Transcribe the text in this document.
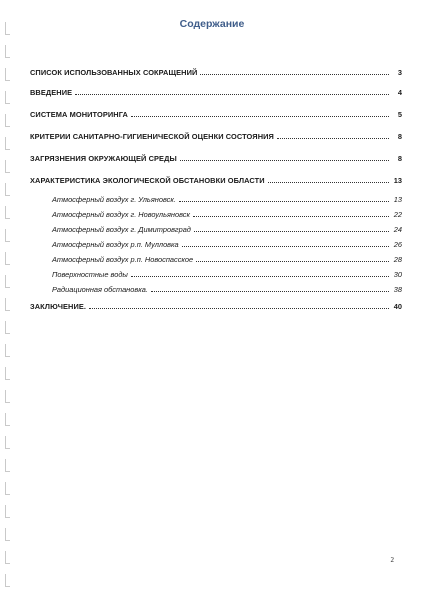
Содержание
СПИСОК ИСПОЛЬЗОВАННЫХ СОКРАЩЕНИЙ	3
ВВЕДЕНИЕ	4
СИСТЕМА МОНИТОРИНГА	5
КРИТЕРИИ САНИТАРНО-ГИГИЕНИЧЕСКОЙ ОЦЕНКИ СОСТОЯНИЯ	8
ЗАГРЯЗНЕНИЯ ОКРУЖАЮЩЕЙ СРЕДЫ	8
ХАРАКТЕРИСТИКА ЭКОЛОГИЧЕСКОЙ ОБСТАНОВКИ ОБЛАСТИ	13
Атмосферный воздух г. Ульяновск.	13
Атмосферный воздух г. Новоульяновск	22
Атмосферный воздух г. Димитровград	24
Атмосферный воздух р.п. Мулловка	26
Атмосферный воздух р.п. Новоспасское	28
Поверхностные воды	30
Радиационная обстановка.	38
ЗАКЛЮЧЕНИЕ.	40
2
